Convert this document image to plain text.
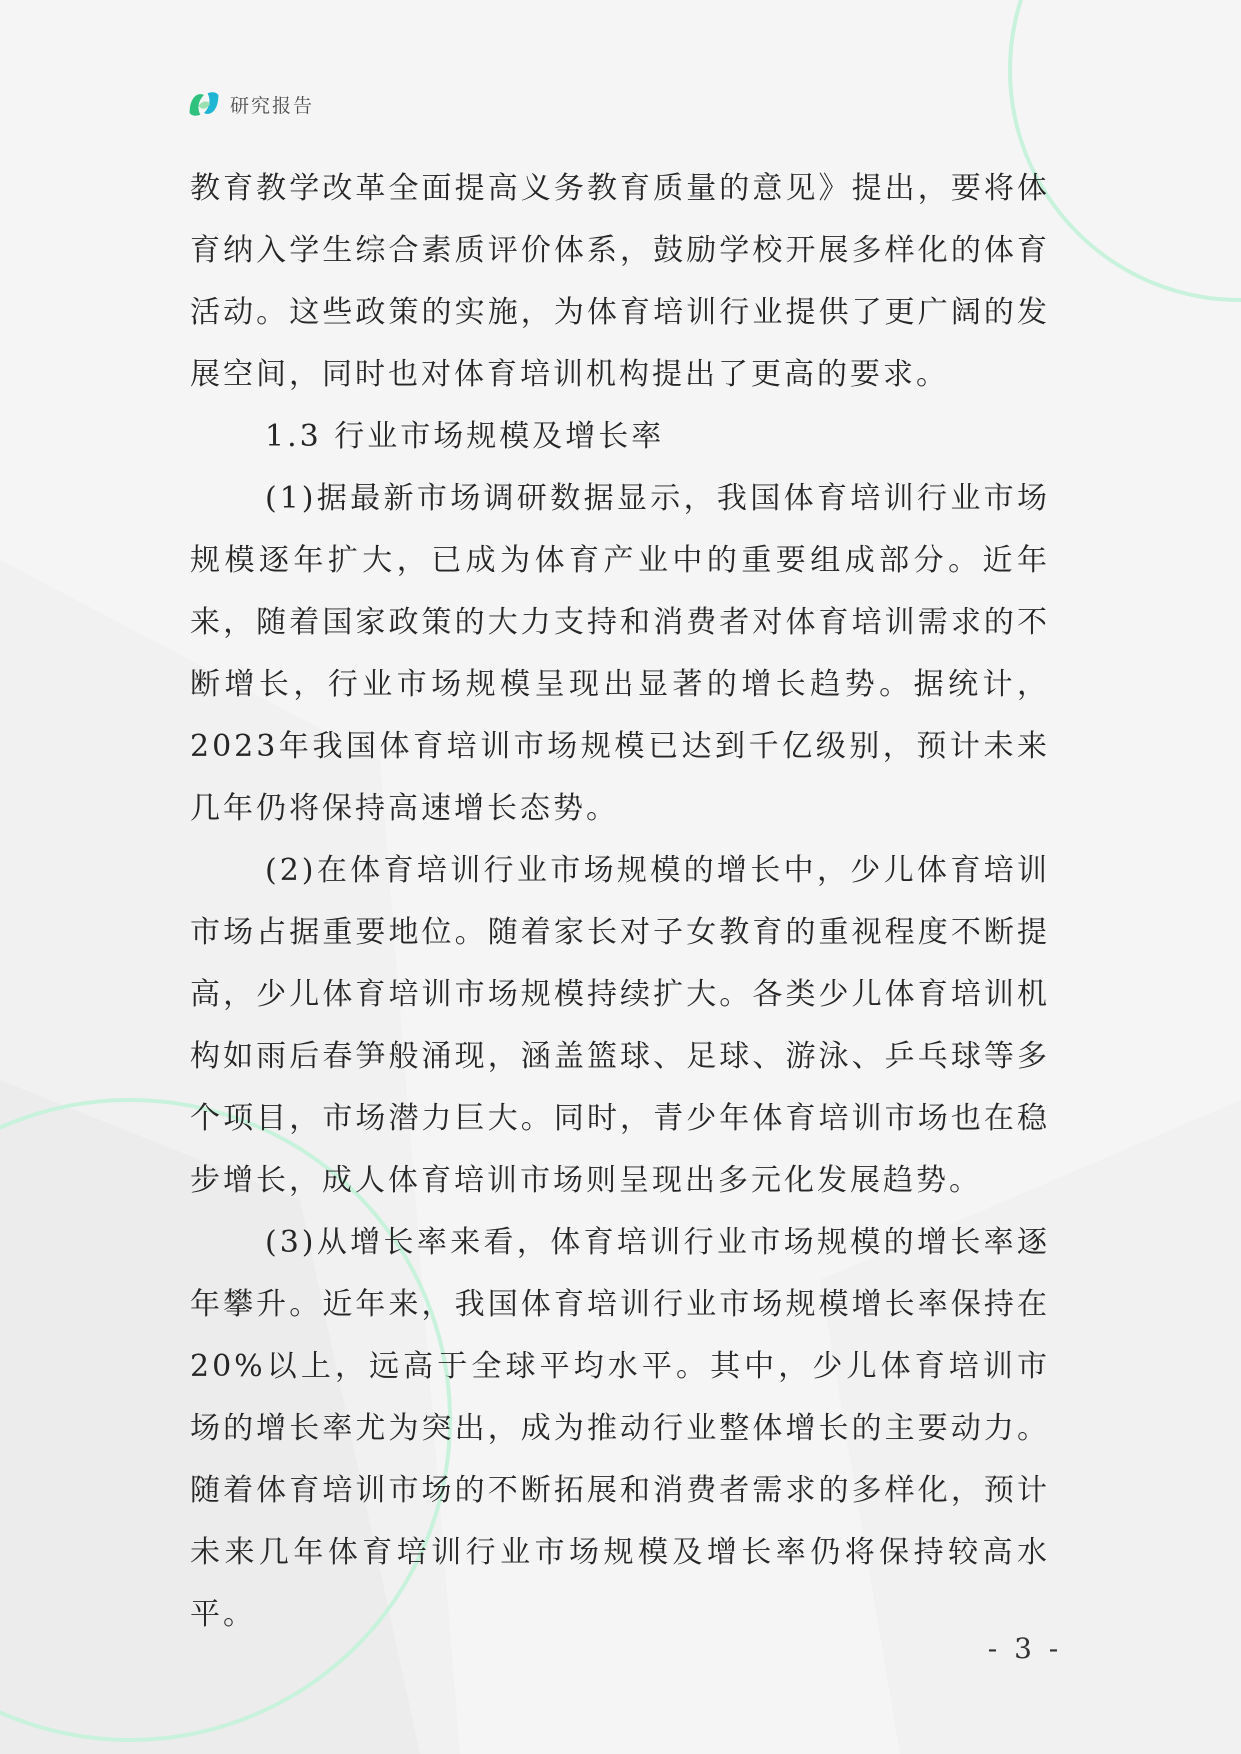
研究报告

教育教学改革全面提高义务教育质量的意见》提出，要将体育纳入学生综合素质评价体系，鼓励学校开展多样化的体育活动。这些政策的实施，为体育培训行业提供了更广阔的发展空间，同时也对体育培训机构提出了更高的要求。

1.3 行业市场规模及增长率

(1)据最新市场调研数据显示，我国体育培训行业市场规模逐年扩大，已成为体育产业中的重要组成部分。近年来，随着国家政策的大力支持和消费者对体育培训需求的不断增长，行业市场规模呈现出显著的增长趋势。据统计，2023年我国体育培训市场规模已达到千亿级别，预计未来几年仍将保持高速增长态势。

(2)在体育培训行业市场规模的增长中，少儿体育培训市场占据重要地位。随着家长对子女教育的重视程度不断提高，少儿体育培训市场规模持续扩大。各类少儿体育培训机构如雨后春笋般涌现，涵盖篮球、足球、游泳、乒乓球等多个项目，市场潜力巨大。同时，青少年体育培训市场也在稳步增长，成人体育培训市场则呈现出多元化发展趋势。

(3)从增长率来看，体育培训行业市场规模的增长率逐年攀升。近年来，我国体育培训行业市场规模增长率保持在20%以上，远高于全球平均水平。其中，少儿体育培训市场的增长率尤为突出，成为推动行业整体增长的主要动力。随着体育培训市场的不断拓展和消费者需求的多样化，预计未来几年体育培训行业市场规模及增长率仍将保持较高水平。

- 3 -
